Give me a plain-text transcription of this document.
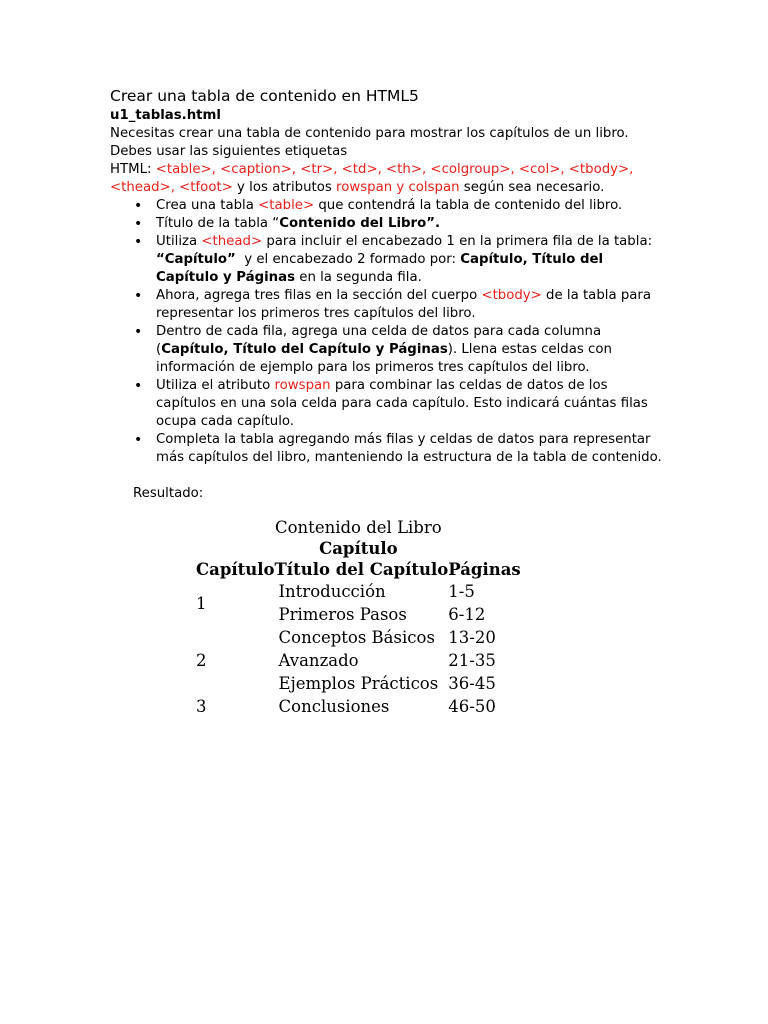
Crear una tabla de contenido en HTML5
u1_tablas.html
Necesitas crear una tabla de contenido para mostrar los capítulos de un libro. Debes usar las siguientes etiquetas
HTML: <table>, <caption>, <tr>, <td>, <th>, <colgroup>, <col>, <tbody>, <thead>, <tfoot> y los atributos rowspan y colspan según sea necesario.
• Crea una tabla <table> que contendrá la tabla de contenido del libro.
• Título de la tabla “Contenido del Libro”.
• Utiliza <thead> para incluir el encabezado 1 en la primera fila de la tabla: “Capítulo”  y el encabezado 2 formado por: Capítulo, Título del Capítulo y Páginas en la segunda fila.
• Ahora, agrega tres filas en la sección del cuerpo <tbody> de la tabla para representar los primeros tres capítulos del libro.
• Dentro de cada fila, agrega una celda de datos para cada columna (Capítulo, Título del Capítulo y Páginas). Llena estas celdas con información de ejemplo para los primeros tres capítulos del libro.
• Utiliza el atributo rowspan para combinar las celdas de datos de los capítulos en una sola celda para cada capítulo. Esto indicará cuántas filas ocupa cada capítulo.
• Completa la tabla agregando más filas y celdas de datos para representar más capítulos del libro, manteniendo la estructura de la tabla de contenido.
Resultado:
Contenido del Libro
Capítulo		
Capítulo	Título del Capítulo	Páginas
1	Introducción	1-5
	Primeros Pasos	6-12
2	Conceptos Básicos	13-20
	Avanzado	21-35
	Ejemplos Prácticos	36-45
3	Conclusiones	46-50
